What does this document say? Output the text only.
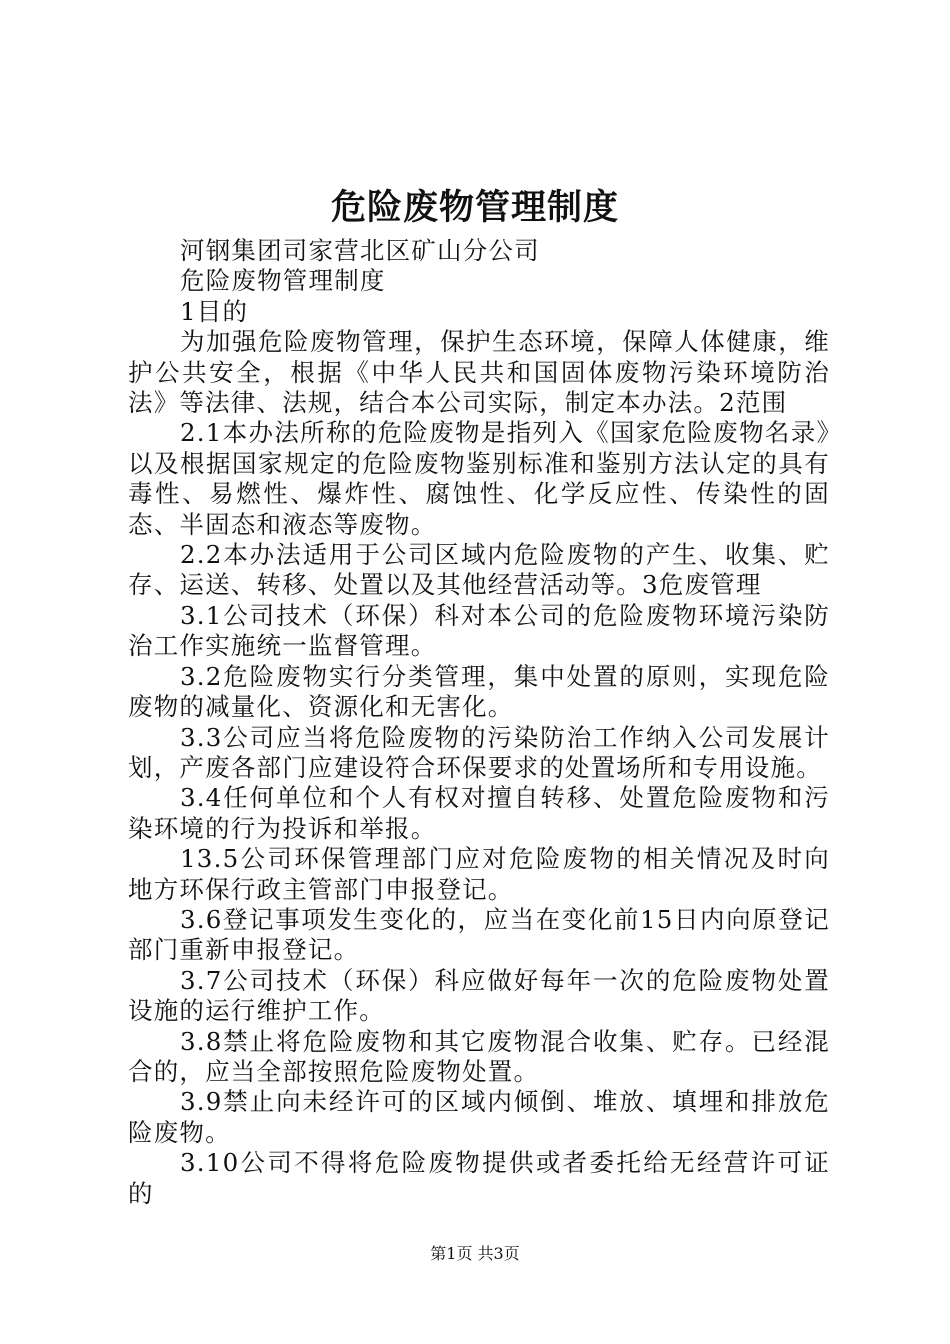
危险废物管理制度

河钢集团司家营北区矿山分公司

危险废物管理制度

1目的

为加强危险废物管理，保护生态环境，保障人体健康，维护公共安全，根据《中华人民共和国固体废物污染环境防治法》等法律、法规，结合本公司实际，制定本办法。2范围

2.1本办法所称的危险废物是指列入《国家危险废物名录》以及根据国家规定的危险废物鉴别标准和鉴别方法认定的具有毒性、易燃性、爆炸性、腐蚀性、化学反应性、传染性的固态、半固态和液态等废物。

2.2本办法适用于公司区域内危险废物的产生、收集、贮存、运送、转移、处置以及其他经营活动等。3危废管理

3.1公司技术（环保）科对本公司的危险废物环境污染防治工作实施统一监督管理。

3.2危险废物实行分类管理，集中处置的原则，实现危险废物的减量化、资源化和无害化。

3.3公司应当将危险废物的污染防治工作纳入公司发展计划，产废各部门应建设符合环保要求的处置场所和专用设施。

3.4任何单位和个人有权对擅自转移、处置危险废物和污染环境的行为投诉和举报。

13.5公司环保管理部门应对危险废物的相关情况及时向地方环保行政主管部门申报登记。

3.6登记事项发生变化的，应当在变化前15日内向原登记部门重新申报登记。

3.7公司技术（环保）科应做好每年一次的危险废物处置设施的运行维护工作。

3.8禁止将危险废物和其它废物混合收集、贮存。已经混合的，应当全部按照危险废物处置。

3.9禁止向未经许可的区域内倾倒、堆放、填埋和排放危险废物。

3.10公司不得将危险废物提供或者委托给无经营许可证的

第1页 共3页
